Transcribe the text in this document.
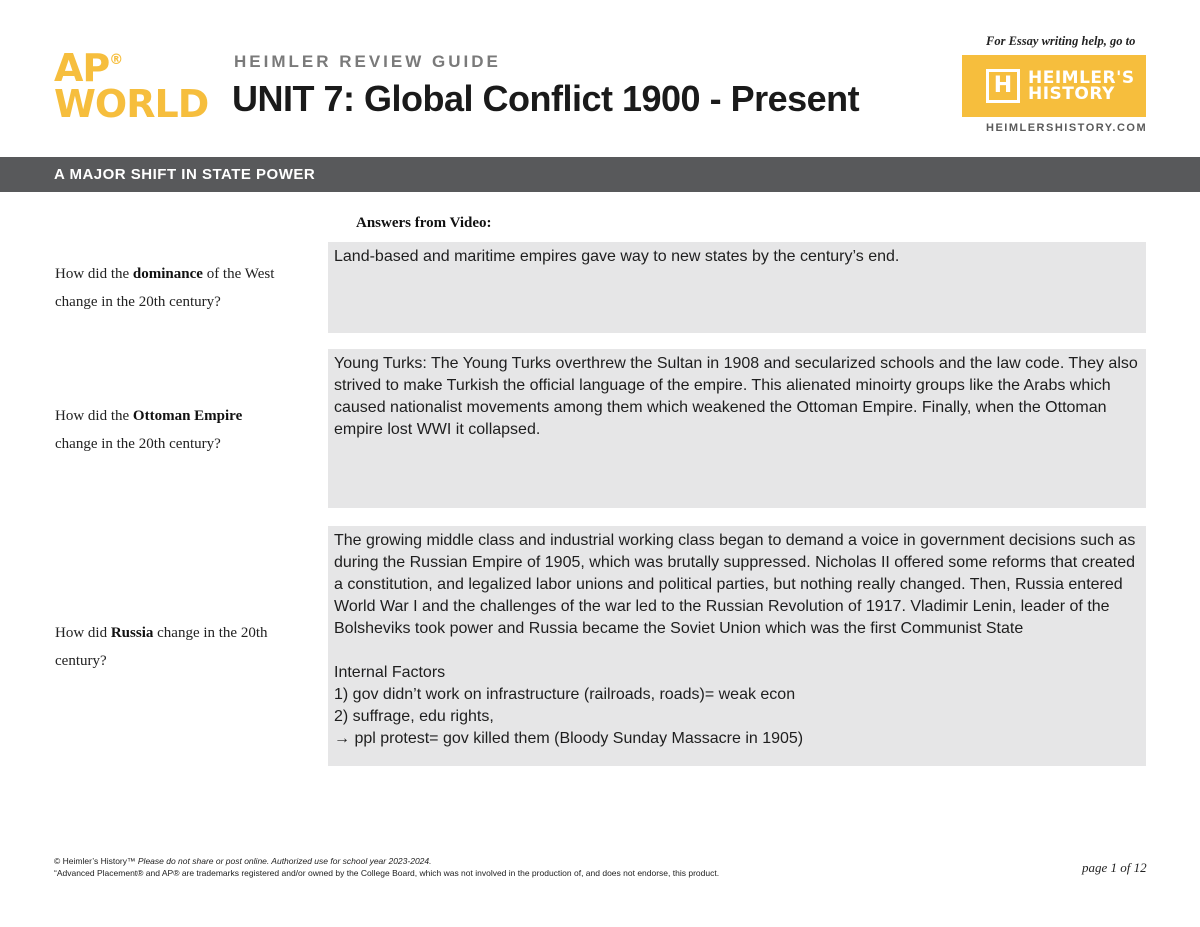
AP®
WORLD
HEIMLER REVIEW GUIDE
UNIT 7: Global Conflict 1900 - Present
For Essay writing help, go to
H HEIMLER'S
HISTORY
HEIMLERSHISTORY.COM
A MAJOR SHIFT IN STATE POWER
Answers from Video:
How did the dominance of the West change in the 20th century?
Land-based and maritime empires gave way to new states by the century’s end.
How did the Ottoman Empire
change in the 20th century?
Young Turks: The Young Turks overthrew the Sultan in 1908 and secularized schools and the law code. They also strived to make Turkish the official language of the empire. This alienated minoirty groups like the Arabs which caused nationalist movements among them which weakened the Ottoman Empire. Finally, when the Ottoman empire lost WWI it collapsed.
How did Russia change in the 20th century?
The growing middle class and industrial working class began to demand a voice in government decisions such as during the Russian Empire of 1905, which was brutally suppressed. Nicholas II offered some reforms that created a constitution, and legalized labor unions and political parties, but nothing really changed. Then, Russia entered World War I and the challenges of the war led to the Russian Revolution of 1917. Vladimir Lenin, leader of the Bolsheviks took power and Russia became the Soviet Union which was the first Communist State

Internal Factors
1) gov didn’t work on infrastructure (railroads, roads)= weak econ
2) suffrage, edu rights,
→ ppl protest= gov killed them (Bloody Sunday Massacre in 1905)
© Heimler’s History™ Please do not share or post online. Authorized use for school year 2023-2024.
“Advanced Placement® and AP® are trademarks registered and/or owned by the College Board, which was not involved in the production of, and does not endorse, this product.	page 1 of 12
